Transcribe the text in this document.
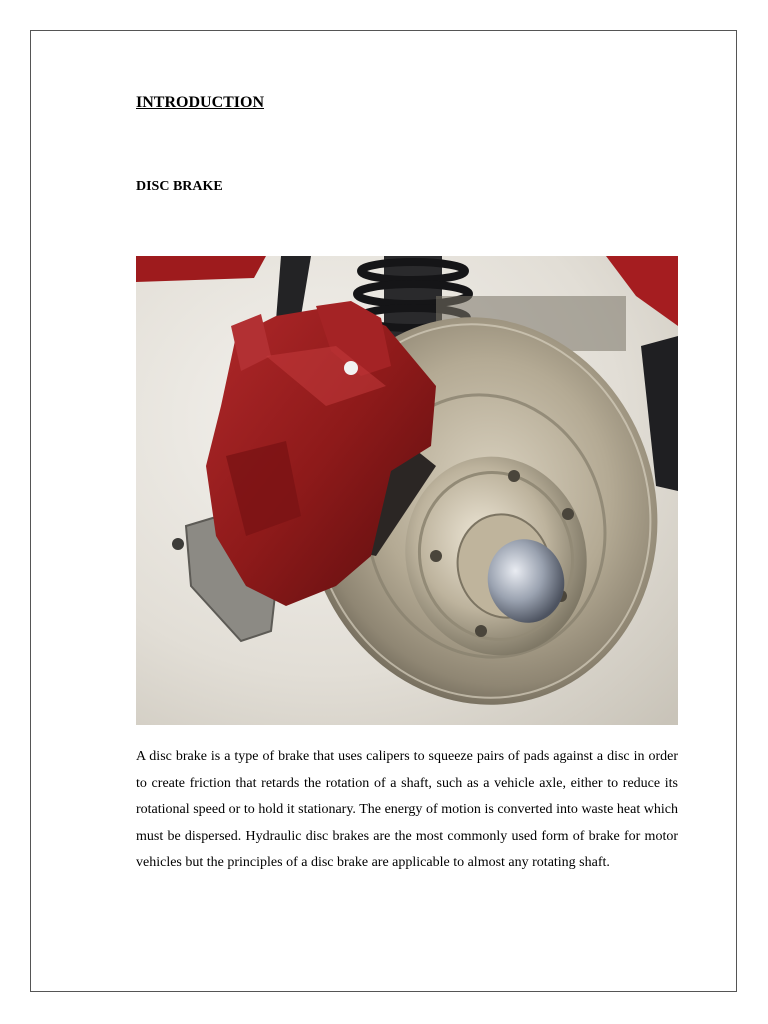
INTRODUCTION
DISC BRAKE

A disc brake is a type of brake that uses calipers to squeeze pairs of pads against a disc in order to create friction that retards the rotation of a shaft, such as a vehicle axle, either to reduce its rotational speed or to hold it stationary. The energy of motion is converted into waste heat which must be dispersed. Hydraulic disc brakes are the most commonly used form of brake for motor vehicles but the principles of a disc brake are applicable to almost any rotating shaft.
